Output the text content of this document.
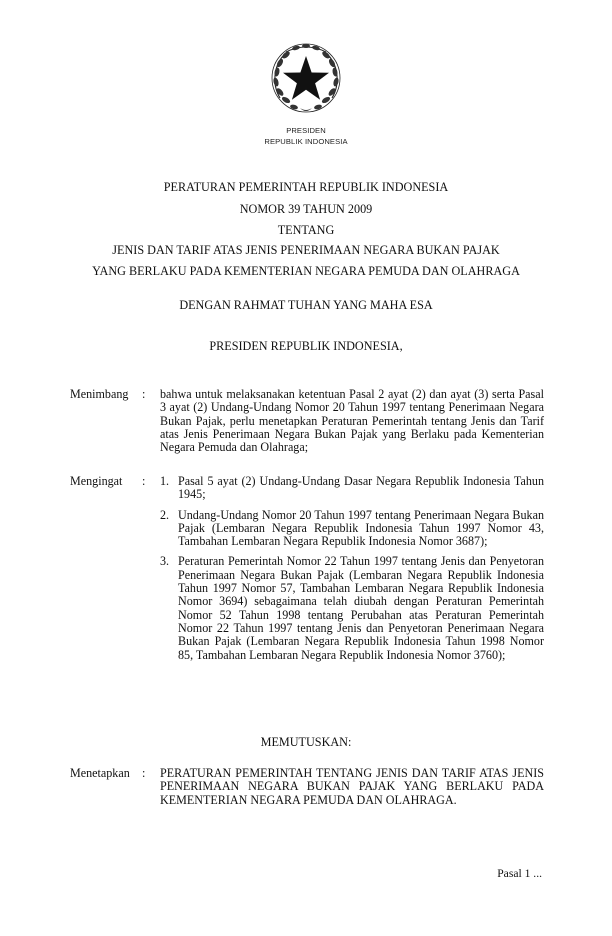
PRESIDEN
REPUBLIK INDONESIA
PERATURAN PEMERINTAH REPUBLIK INDONESIA
NOMOR 39 TAHUN 2009
TENTANG
JENIS DAN TARIF ATAS JENIS PENERIMAAN NEGARA BUKAN PAJAK
YANG BERLAKU PADA KEMENTERIAN NEGARA PEMUDA DAN OLAHRAGA
DENGAN RAHMAT TUHAN YANG MAHA ESA
PRESIDEN REPUBLIK INDONESIA,
Menimbang	:	bahwa untuk melaksanakan ketentuan Pasal 2 ayat (2) dan ayat (3) serta Pasal 3 ayat (2) Undang-Undang Nomor 20 Tahun 1997 tentang Penerimaan Negara Bukan Pajak, perlu menetapkan Peraturan Pemerintah tentang Jenis dan Tarif atas Jenis Penerimaan Negara Bukan Pajak yang Berlaku pada Kementerian Negara Pemuda dan Olahraga;
Mengingat	:	1. Pasal 5 ayat (2) Undang-Undang Dasar Negara Republik Indonesia Tahun 1945;
2. Undang-Undang Nomor 20 Tahun 1997 tentang Penerimaan Negara Bukan Pajak (Lembaran Negara Republik Indonesia Tahun 1997 Nomor 43, Tambahan Lembaran Negara Republik Indonesia Nomor 3687);
3. Peraturan Pemerintah Nomor 22 Tahun 1997 tentang Jenis dan Penyetoran Penerimaan Negara Bukan Pajak (Lembaran Negara Republik Indonesia Tahun 1997 Nomor 57, Tambahan Lembaran Negara Republik Indonesia Nomor 3694) sebagaimana telah diubah dengan Peraturan Pemerintah Nomor 52 Tahun 1998 tentang Perubahan atas Peraturan Pemerintah Nomor 22 Tahun 1997 tentang Jenis dan Penyetoran Penerimaan Negara Bukan Pajak (Lembaran Negara Republik Indonesia Tahun 1998 Nomor 85, Tambahan Lembaran Negara Republik Indonesia Nomor 3760);
MEMUTUSKAN:
Menetapkan	:	PERATURAN PEMERINTAH TENTANG JENIS DAN TARIF ATAS JENIS PENERIMAAN NEGARA BUKAN PAJAK YANG BERLAKU PADA KEMENTERIAN NEGARA PEMUDA DAN OLAHRAGA.
Pasal 1 ...
